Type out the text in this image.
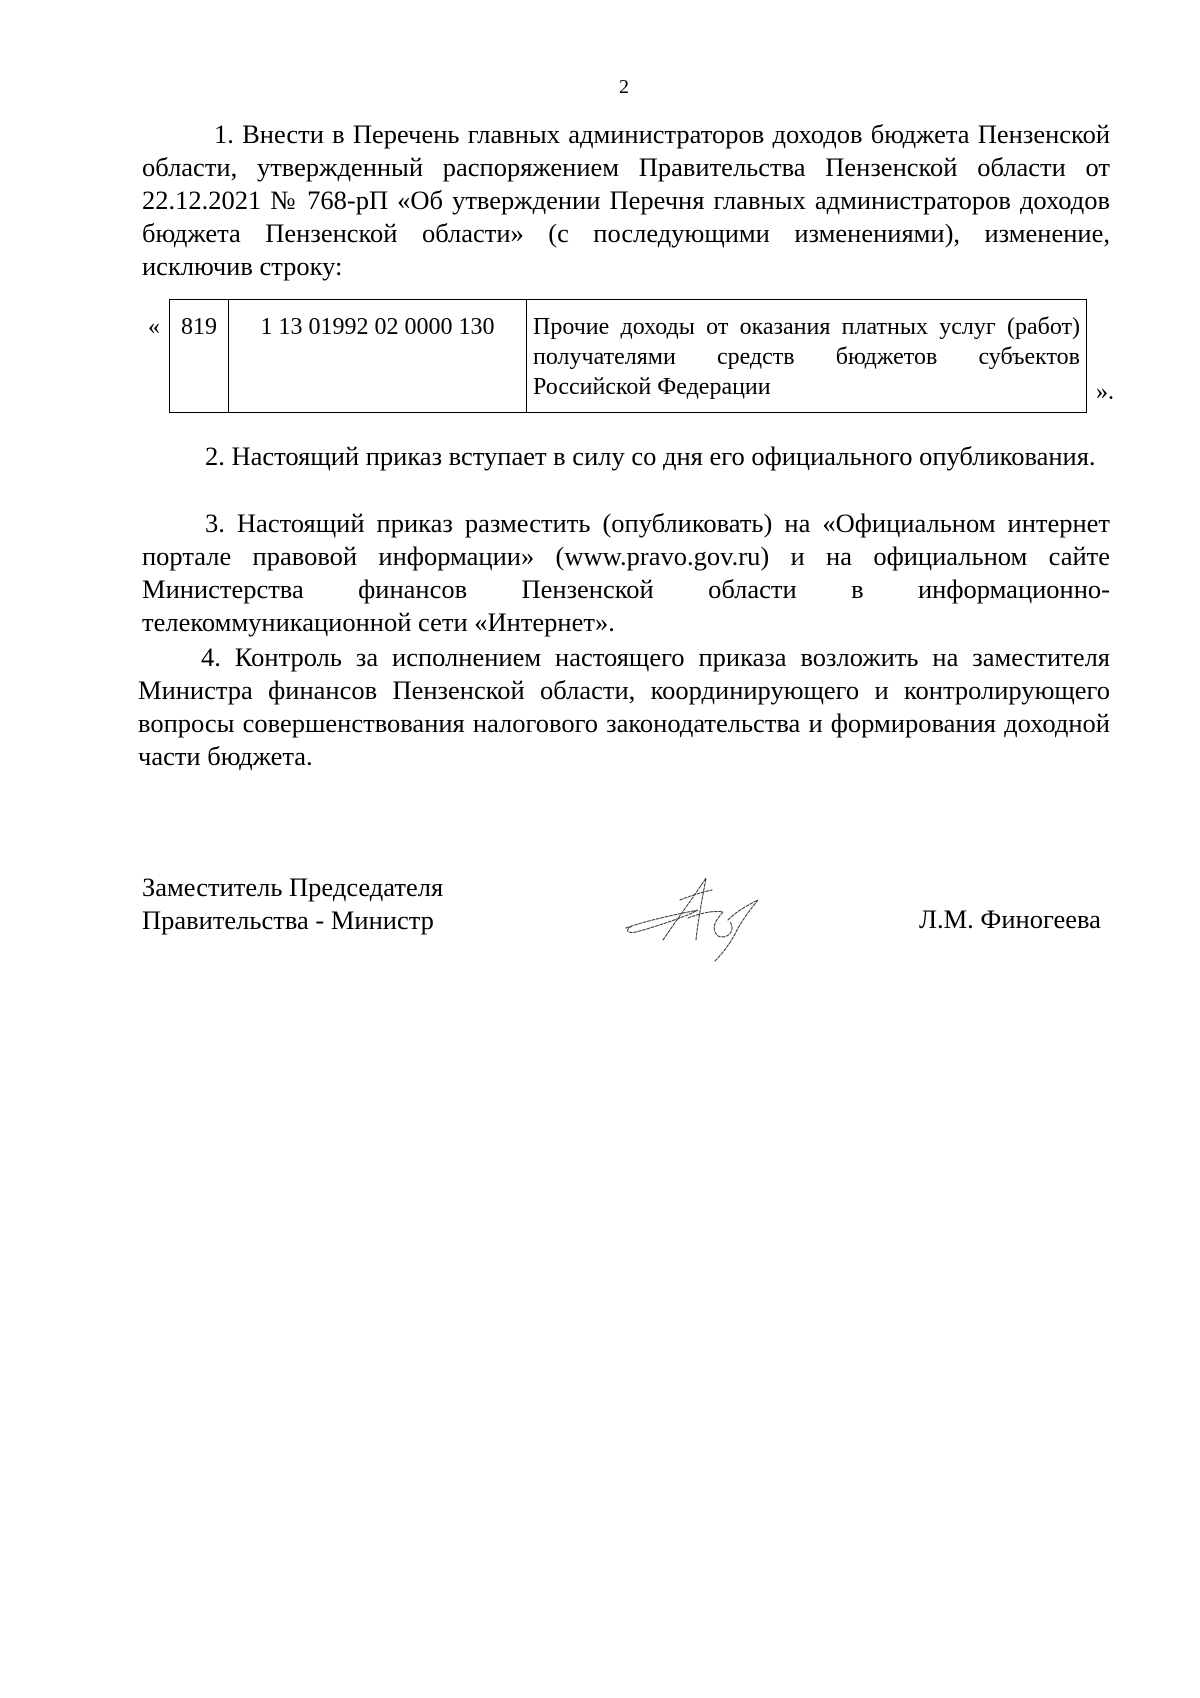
2

1. Внести в Перечень главных администраторов доходов бюджета Пензенской области, утвержденный распоряжением Правительства Пензенской области от 22.12.2021 № 768-рП «Об утверждении Перечня главных администраторов доходов бюджета Пензенской области» (с последующими изменениями), изменение, исключив строку:

« 819	1 13 01992 02 0000 130	Прочие доходы от оказания платных услуг (работ) получателями средств бюджетов субъектов Российской Федерации	».

2. Настоящий приказ вступает в силу со дня его официального опубликования.

3. Настоящий приказ разместить (опубликовать) на «Официальном интернет портале правовой информации» (www.pravo.gov.ru) и на официальном сайте Министерства финансов Пензенской области в информационно-телекоммуникационной сети «Интернет».

4. Контроль за исполнением настоящего приказа возложить на заместителя Министра финансов Пензенской области, координирующего и контролирующего вопросы совершенствования налогового законодательства и формирования доходной части бюджета.

Заместитель Председателя
Правительства - Министр	Л.М. Финогеева
